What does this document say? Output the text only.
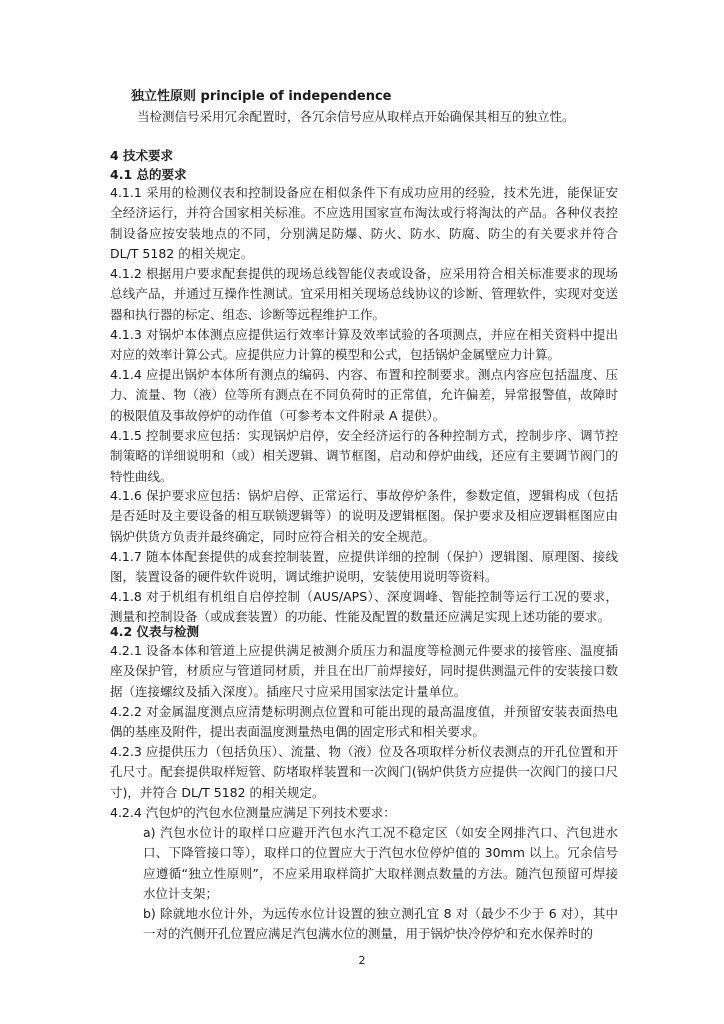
独立性原则 principle of independence
当检测信号采用冗余配置时，各冗余信号应从取样点开始确保其相互的独立性。
4 技术要求
4.1 总的要求

4.1.1 采用的检测仪表和控制设备应在相似条件下有成功应用的经验，技术先进，能保证安全经济运行，并符合国家相关标准。不应选用国家宣布淘汰或行将淘汰的产品。各种仪表控制设备应按安装地点的不同，分别满足防爆、防火、防水、防腐、防尘的有关要求并符合DL/T 5182 的相关规定。

4.1.2 根据用户要求配套提供的现场总线智能仪表或设备，应采用符合相关标准要求的现场总线产品，并通过互操作性测试。宜采用相关现场总线协议的诊断、管理软件，实现对变送器和执行器的标定、组态、诊断等远程维护工作。

4.1.3 对锅炉本体测点应提供运行效率计算及效率试验的各项测点，并应在相关资料中提出对应的效率计算公式。应提供应力计算的模型和公式，包括锅炉金属壁应力计算。

4.1.4 应提出锅炉本体所有测点的编码、内容、布置和控制要求。测点内容应包括温度、压力、流量、物（液）位等所有测点在不同负荷时的正常值，允许偏差，异常报警值，故障时的极限值及事故停炉的动作值（可参考本文件附录 A 提供）。

4.1.5 控制要求应包括：实现锅炉启停，安全经济运行的各种控制方式，控制步序、调节控制策略的详细说明和（或）相关逻辑、调节框图，启动和停炉曲线，还应有主要调节阀门的特性曲线。

4.1.6 保护要求应包括：锅炉启停、正常运行、事故停炉条件，参数定值，逻辑构成（包括是否延时及主要设备的相互联锁逻辑等）的说明及逻辑框图。保护要求及相应逻辑框图应由锅炉供货方负责并最终确定，同时应符合相关的安全规范。

4.1.7 随本体配套提供的成套控制装置，应提供详细的控制（保护）逻辑图、原理图、接线图，装置设备的硬件软件说明，调试维护说明，安装使用说明等资料。

4.1.8 对于机组有机组自启停控制（AUS/APS）、深度调峰、智能控制等运行工况的要求，测量和控制设备（或成套装置）的功能、性能及配置的数量还应满足实现上述功能的要求。

4.2 仪表与检测

4.2.1 设备本体和管道上应提供满足被测介质压力和温度等检测元件要求的接管座、温度插座及保护管，材质应与管道同材质，并且在出厂前焊接好，同时提供测温元件的安装接口数据（连接螺纹及插入深度）。插座尺寸应采用国家法定计量单位。

4.2.2 对金属温度测点应清楚标明测点位置和可能出现的最高温度值，并预留安装表面热电偶的基座及附件，提出表面温度测量热电偶的固定形式和相关要求。

4.2.3 应提供压力（包括负压）、流量、物（液）位及各项取样分析仪表测点的开孔位置和开孔尺寸。配套提供取样短管、防堵取样装置和一次阀门(锅炉供货方应提供一次阀门的接口尺寸)，并符合 DL/T 5182 的相关规定。

4.2.4 汽包炉的汽包水位测量应满足下列技术要求：

a) 汽包水位计的取样口应避开汽包水汽工况不稳定区（如安全网排汽口、汽包进水口、下降管接口等），取样口的位置应大于汽包水位停炉值的 30mm 以上。冗余信号应遵循“独立性原则”，不应采用取样筒扩大取样测点数量的方法。随汽包预留可焊接水位计支架；

b) 除就地水位计外，为远传水位计设置的独立测孔宜 8 对（最少不少于 6 对），其中一对的汽侧开孔位置应满足汽包满水位的测量，用于锅炉快冷停炉和充水保养时的

2
